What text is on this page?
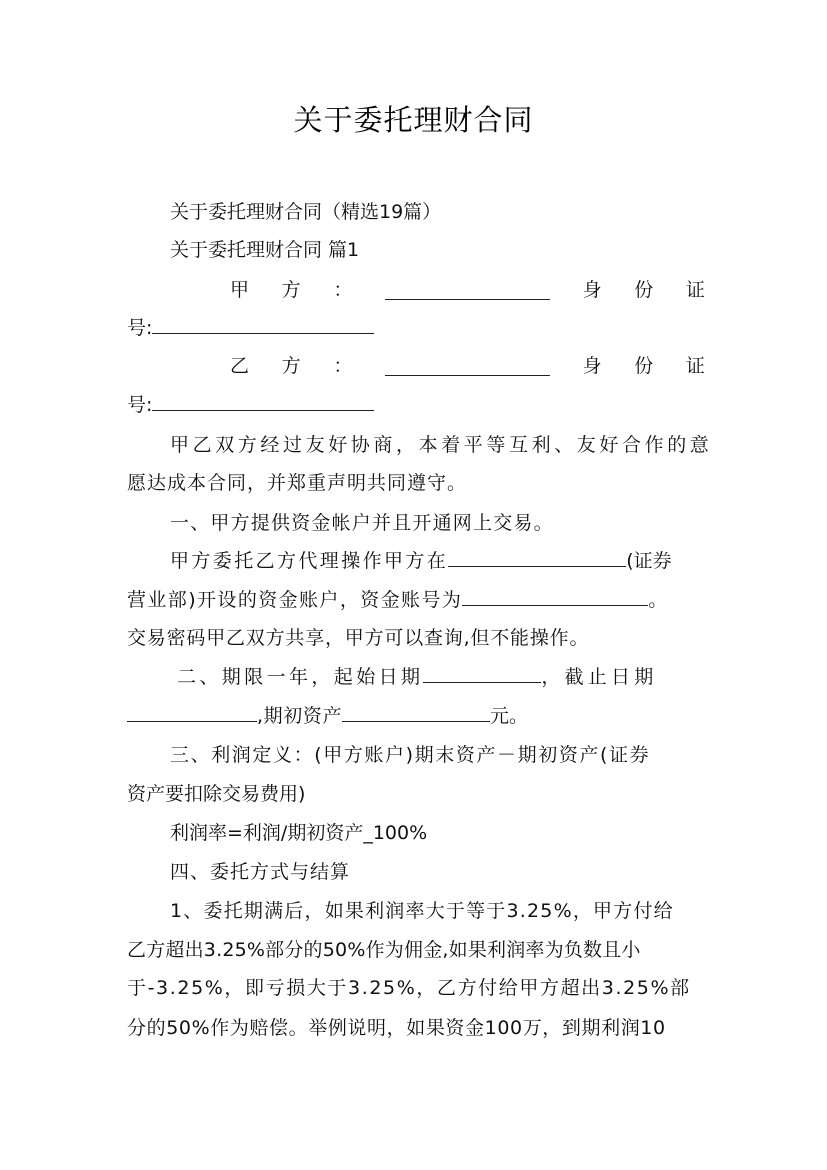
关于委托理财合同
关于委托理财合同（精选19篇）
关于委托理财合同 篇1
甲 方 ：	身 份 证
号:
乙 方 ：	身 份 证
号:
甲乙双方经过友好协商，本着平等互利、友好合作的意
愿达成本合同，并郑重声明共同遵守。
一、甲方提供资金帐户并且开通网上交易。
甲方委托乙方代理操作甲方在	(证券
营业部)开设的资金账户，资金账号为	。
交易密码甲乙双方共享，甲方可以查询,但不能操作。
二、期限一年，起始日期	，截止日期
,期初资产	元。
三、利润定义：(甲方账户)期末资产－期初资产(证券
资产要扣除交易费用)
利润率=利润/期初资产_100%
四、委托方式与结算
1、委托期满后，如果利润率大于等于3.25%，甲方付给
乙方超出3.25%部分的50%作为佣金,如果利润率为负数且小
于-3.25%，即亏损大于3.25%，乙方付给甲方超出3.25%部
分的50%作为赔偿。举例说明，如果资金100万，到期利润10
